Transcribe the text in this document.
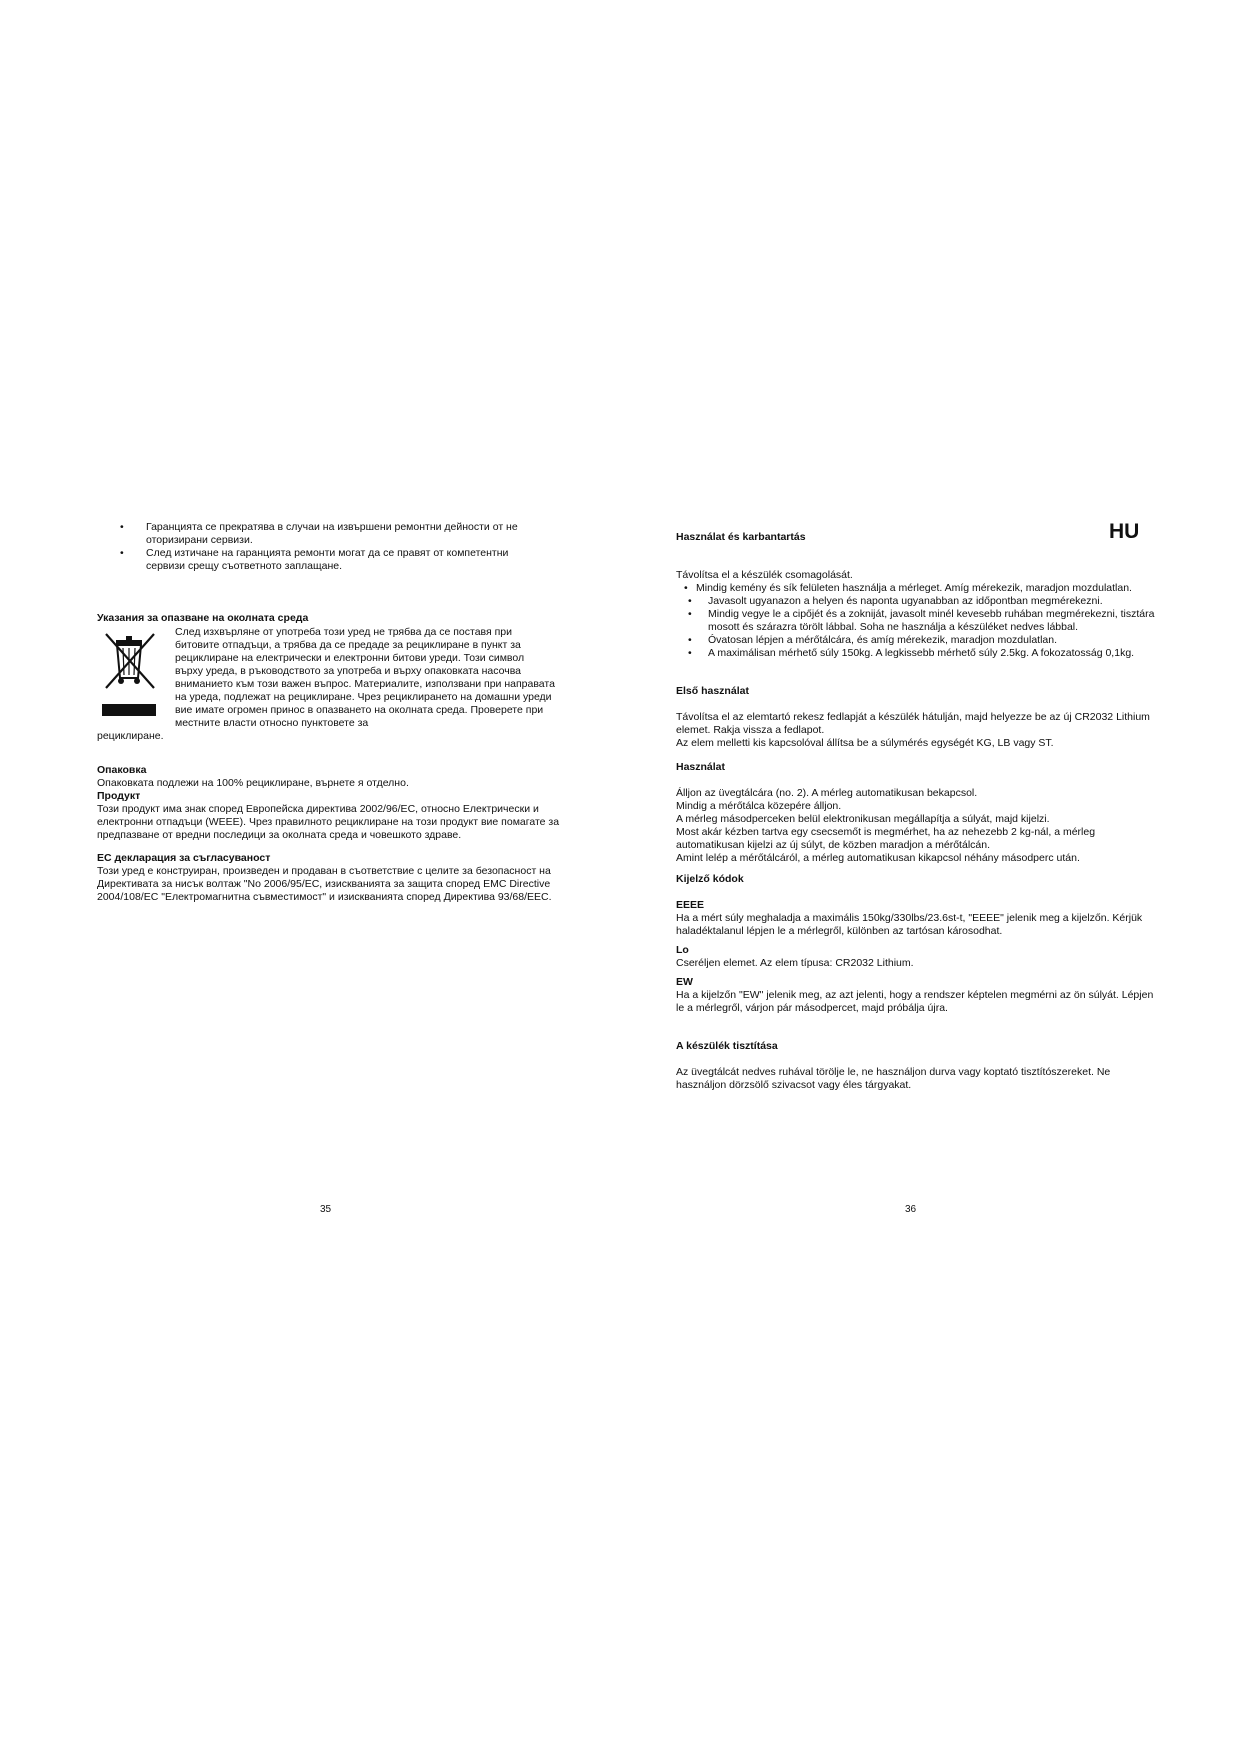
• Гаранцията се прекратява в случаи на извършени ремонтни дейности от не оторизирани сервизи.
• След изтичане на гаранцията ремонти могат да се правят от компетентни сервизи срещу съответното заплащане.

Указания за опазване на околната среда

След изхвърляне от употреба този уред не трябва да се поставя при битовите отпадъци, а трябва да се предаде за рециклиране в пункт за рециклиране на електрически и електронни битови уреди. Този символ върху уреда, в ръководството за употреба и върху опаковката насочва вниманието към този важен въпрос. Материалите, използвани при направата на уреда, подлежат на рециклиране. Чрез рециклирането на домашни уреди вие имате огромен принос в опазването на околната среда. Проверете при местните власти относно пунктовете за

рециклиране.

Опаковка

Опаковката подлежи на 100% рециклиране, върнете я отделно.

Продукт

Този продукт има знак според Европейска директива 2002/96/EC, относно Електрически и електронни отпадъци (WEEE). Чрез правилното рециклиране на този продукт вие помагате за предпазване от вредни последици за околната среда и човешкото здраве.

ЕС декларация за съгласуваност

Този уред е конструиран, произведен и продаван в съответствие с целите за безопасност на Директивата за нисък волтаж "No 2006/95/EC, изискванията за защита според EMC Directive 2004/108/EC "Електромагнитна съвместимост" и изискванията според Директива 93/68/EEC.

35
HU

Használat és karbantartás

Távolítsa el a készülék csomagolását.

• Mindig kemény és sík felületen használja a mérleget. Amíg mérekezik, maradjon mozdulatlan.
• Javasolt ugyanazon a helyen és naponta ugyanabban az időpontban megmérekezni.
• Mindig vegye le a cipőjét és a zokniját, javasolt minél kevesebb ruhában megmérekezni, tisztára mosott és szárazra törölt lábbal. Soha ne használja a készüléket nedves lábbal.
• Óvatosan lépjen a mérőtálcára, és amíg mérekezik, maradjon mozdulatlan.
• A maximálisan mérhető súly 150kg. A legkissebb mérhető súly 2.5kg. A fokozatosság 0,1kg.

Első használat

Távolítsa el az elemtartó rekesz fedlapját a készülék hátulján, majd helyezze be az új CR2032 Lithium elemet. Rakja vissza a fedlapot.

Az elem melletti kis kapcsolóval állítsa be a súlymérés egységét KG, LB vagy ST.

Használat

Álljon az üvegtálcára (no. 2). A mérleg automatikusan bekapcsol.

Mindig a mérőtálca közepére álljon.

A mérleg másodperceken belül elektronikusan megállapítja a súlyát, majd kijelzi.

Most akár kézben tartva egy csecsemőt is megmérhet, ha az nehezebb 2 kg-nál, a mérleg automatikusan kijelzi az új súlyt, de közben maradjon a mérőtálcán.

Amint lelép a mérőtálcáról, a mérleg automatikusan kikapcsol néhány másodperc után.

Kijelző kódok

EEEE

Ha a mért súly meghaladja a maximális 150kg/330lbs/23.6st-t, "EEEE" jelenik meg a kijelzőn. Kérjük haladéktalanul lépjen le a mérlegről, különben az tartósan károsodhat.

Lo

Cseréljen elemet. Az elem típusa: CR2032 Lithium.

EW

Ha a kijelzőn "EW" jelenik meg, az azt jelenti, hogy a rendszer képtelen megmérni az ön súlyát. Lépjen le a mérlegről, várjon pár másodpercet, majd próbálja újra.

A készülék tisztítása

Az üvegtálcát nedves ruhával törölje le, ne használjon durva vagy koptató tisztítószereket. Ne használjon dörzsölő szivacsot vagy éles tárgyakat.

36
